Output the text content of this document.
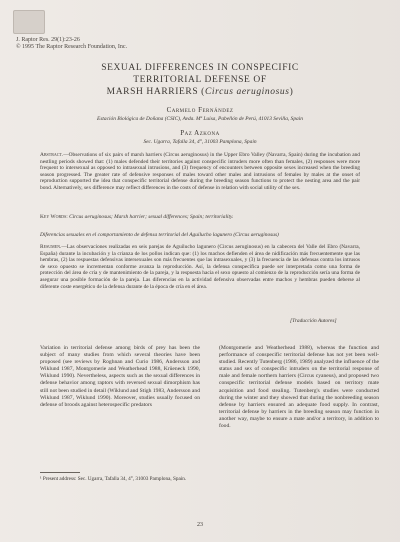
J. Raptor Res. 29(1):23-26
© 1995 The Raptor Research Foundation, Inc.
SEXUAL DIFFERENCES IN CONSPECIFIC
TERRITORIAL DEFENSE OF
MARSH HARRIERS (Circus aeruginosus)
Carmelo Fernández
Estación Biológica de Doñana (CSIC), Avda. Mª Luisa, Pabellón de Perú, 41013 Sevilla, Spain
Paz Azkona
Sec. Ugarra, Tafalla 34, 4°, 31003 Pamplona, Spain
Abstract.—Observations of six pairs of marsh harriers (Circus aeruginosus) in the Upper Ebro Valley (Navarra, Spain) during the incubation and nestling periods showed that: (1) males defended their territories against conspecific intruders more often than females, (2) responses were more frequent to intersexual as opposed to intrasexual intrusions, and (3) frequency of encounters between opposite sexes increased when the breeding season progressed. The greater rate of defensive responses of males toward other males and intrusions of females by males at the onset of reproduction supported the idea that conspecific territorial defense during the breeding season functions to protect the nesting area and the pair bond. Alternatively, sex difference may reflect differences in the costs of defense in relation with social utility of the sex.
Key Words: Circus aeruginosus; Marsh harrier; sexual differences; Spain; territoriality.
Diferencias sexuales en el comportamiento de defensa territorial del Aguilucho lagunero (Circus aeruginosus)
Resumen.—Las observaciones realizadas en seis parejas de Aguilucho lagunero (Circus aeruginosus) en la cabecera del Valle del Ebro (Navarra, España) durante la incubación y la crianza de los pollos indican que: (1) los machos defienden el área de nidificación más frecuentemente que las hembras, (2) las respuestas defensivas intersexuales son más frecuentes que las intrasexuales, y (3) la frecuencia de las defensas contra los intrusos de sexo opuesto se incrementan conforme avanza la reproducción. Así, la defensa conspecífica puede ser interpretada como una forma de protección del área de cría y de mantenimiento de la pareja, y la respuesta hacia el sexo opuesto al comienzo de la reproducción sería una forma de asegurar una posible formación de la pareja. Las diferencias en la actividad defensiva observadas entre machos y hembras pueden deberse al diferente coste energético de la defensa durante de la época de cría en el área.
[Traducción Autores]
Variation in territorial defense among birds of prey has been the subject of many studies from which several theories have been proposed (see reviews by Roghnan and Curio 1986, Andersson and Wiklund 1987, Montgomerie and Weatherhead 1988, Krüeneck 1990, Wiklund 1990). Nevertheless, aspects such as the sexual differences in defense behavior among raptors with reversed sexual dimorphism has still not been studied in detail (Wiklund and Stigh 1983, Andersson and Wiklund 1987, Wiklund 1990). Moreover, studies usually focused on defense of broods against heterospecific predators
(Montgomerie and Weatherhead 1988), whereas the function and performance of conspecific territorial defense has not yet been well-studied. Recently Tutenberg (1986, 1989) analyzed the influence of the status and sex of conspecific intruders on the territorial response of male and female northern harriers (Circus cyaneus), and proposed two conspecific territorial defense models based on territory mate acquisition and food stealing. Tutenberg's studies were conducted during the winter and they showed that during the nonbreeding season defense by harriers ensured an adequate food supply. In contrast, territorial defense by harriers in the breeding season may function in another way, maybe to ensure a mate and/or a territory, in addition to food.
¹ Present address: Sec. Ugarra, Tafalla 34, 4°, 31003 Pamplona, Spain.
23
